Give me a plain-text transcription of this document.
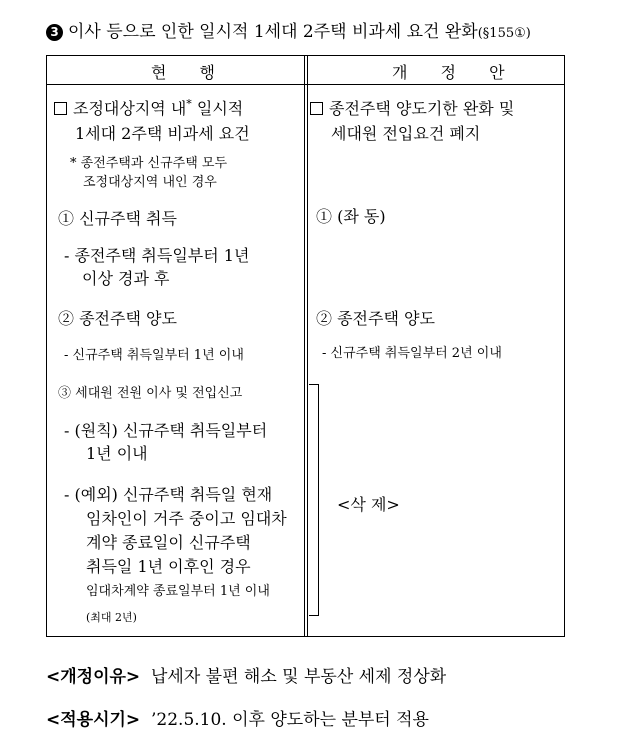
3 이사 등으로 인한 일시적 1세대 2주택 비과세 요건 완화(§155①)
현 행	개 정 안
조정대상지역 내* 일시적
1세대 2주택 비과세 요건
* 종전주택과 신규주택 모두
조정대상지역 내인 경우
① 신규주택 취득
- 종전주택 취득일부터 1년
이상 경과 후
② 종전주택 양도
- 신규주택 취득일부터 1년 이내
③ 세대원 전원 이사 및 전입신고
- (원칙) 신규주택 취득일부터
1년 이내
- (예외) 신규주택 취득일 현재
임차인이 거주 중이고 임대차
계약 종료일이 신규주택
취득일 1년 이후인 경우
임대차계약 종료일부터 1년 이내
(최대 2년)
종전주택 양도기한 완화 및
세대원 전입요건 폐지
① (좌 동)
② 종전주택 양도
- 신규주택 취득일부터 2년 이내
<삭 제>
<개정이유> 납세자 불편 해소 및 부동산 세제 정상화
<적용시기> ’22.5.10. 이후 양도하는 분부터 적용
